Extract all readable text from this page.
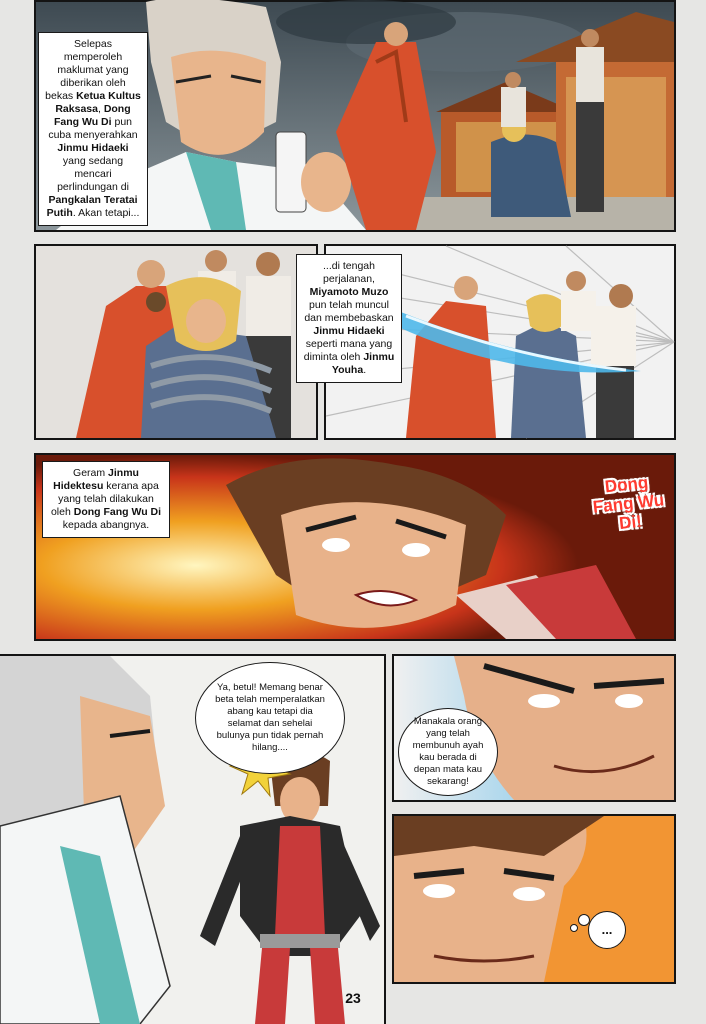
Selepas memperoleh maklumat yang diberikan oleh bekas Ketua Kultus Raksasa, Dong Fang Wu Di pun cuba menyerahkan Jinmu Hidaeki yang sedang mencari perlindungan di Pangkalan Teratai Putih. Akan tetapi...
...di tengah perjalanan, Miyamoto Muzo pun telah muncul dan membebaskan Jinmu Hidaeki seperti mana yang diminta oleh Jinmu Youha.
Geram Jinmu Hidektesu kerana apa yang telah dilakukan oleh Dong Fang Wu Di kepada abangnya.
Dong Fang Wu Di!
Ya, betul! Memang benar beta telah memperalatkan abang kau tetapi dia selamat dan sehelai bulunya pun tidak pernah hilang....
Manakala orang yang telah membunuh ayah kau berada di depan mata kau sekarang!
...
23
